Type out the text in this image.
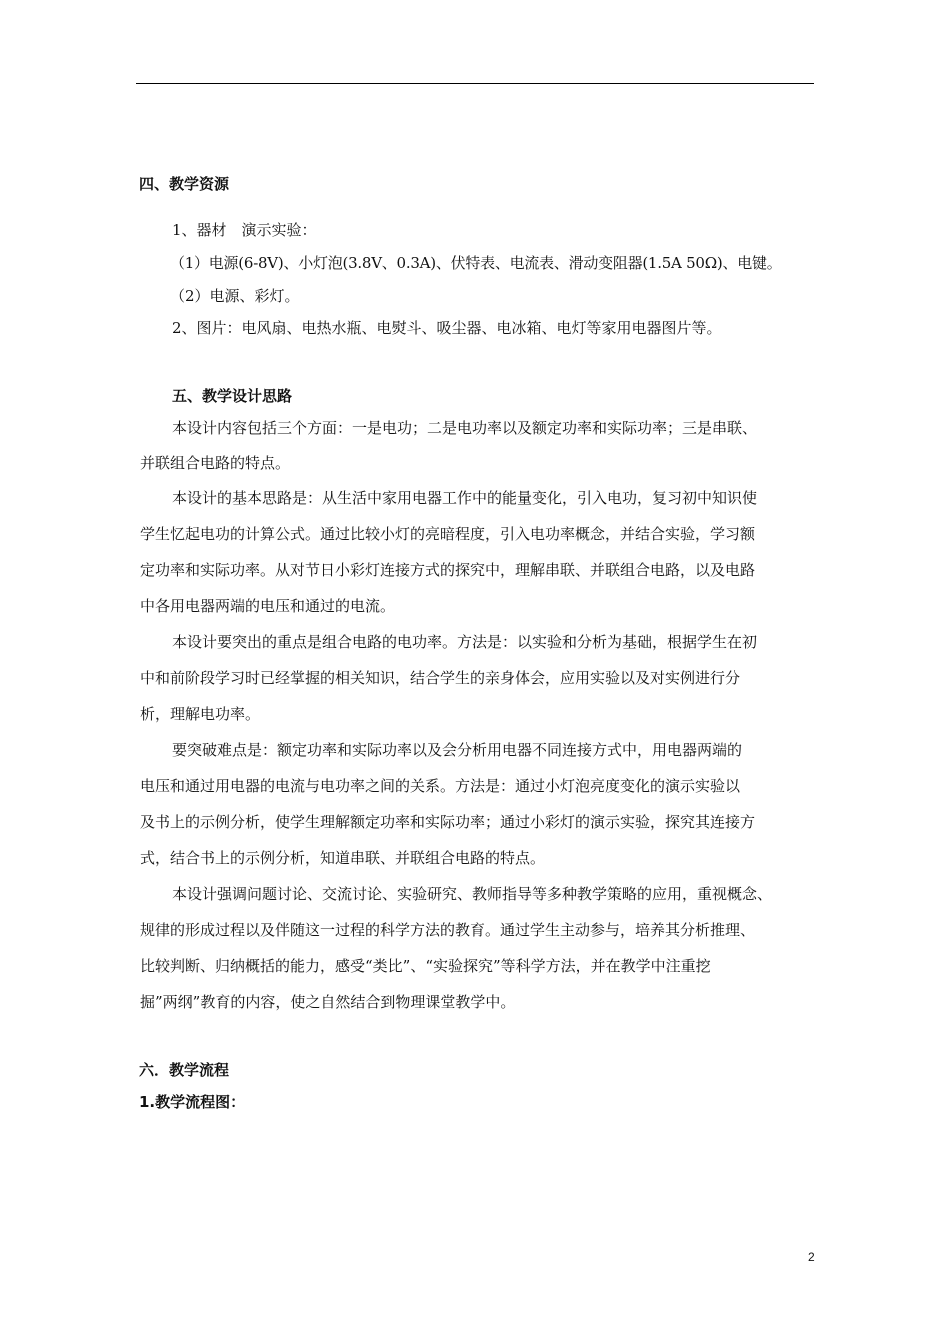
四、教学资源
1、器材　演示实验：
（1）电源(6-8V)、小灯泡(3.8V、0.3A)、伏特表、电流表、滑动变阻器(1.5A 50Ω)、电键。
（2）电源、彩灯。
2、图片：电风扇、电热水瓶、电熨斗、吸尘器、电冰箱、电灯等家用电器图片等。
五、教学设计思路
本设计内容包括三个方面：一是电功；二是电功率以及额定功率和实际功率；三是串联、
并联组合电路的特点。
本设计的基本思路是：从生活中家用电器工作中的能量变化，引入电功，复习初中知识使
学生忆起电功的计算公式。通过比较小灯的亮暗程度，引入电功率概念，并结合实验，学习额
定功率和实际功率。从对节日小彩灯连接方式的探究中，理解串联、并联组合电路，以及电路
中各用电器两端的电压和通过的电流。
本设计要突出的重点是组合电路的电功率。方法是：以实验和分析为基础，根据学生在初
中和前阶段学习时已经掌握的相关知识，结合学生的亲身体会，应用实验以及对实例进行分
析，理解电功率。
要突破难点是：额定功率和实际功率以及会分析用电器不同连接方式中，用电器两端的
电压和通过用电器的电流与电功率之间的关系。方法是：通过小灯泡亮度变化的演示实验以
及书上的示例分析，使学生理解额定功率和实际功率；通过小彩灯的演示实验，探究其连接方
式，结合书上的示例分析，知道串联、并联组合电路的特点。
本设计强调问题讨论、交流讨论、实验研究、教师指导等多种教学策略的应用，重视概念、
规律的形成过程以及伴随这一过程的科学方法的教育。通过学生主动参与，培养其分析推理、
比较判断、归纳概括的能力，感受“类比”、“实验探究”等科学方法，并在教学中注重挖
掘”两纲”教育的内容，使之自然结合到物理课堂教学中。
六．教学流程
1.教学流程图：
2
